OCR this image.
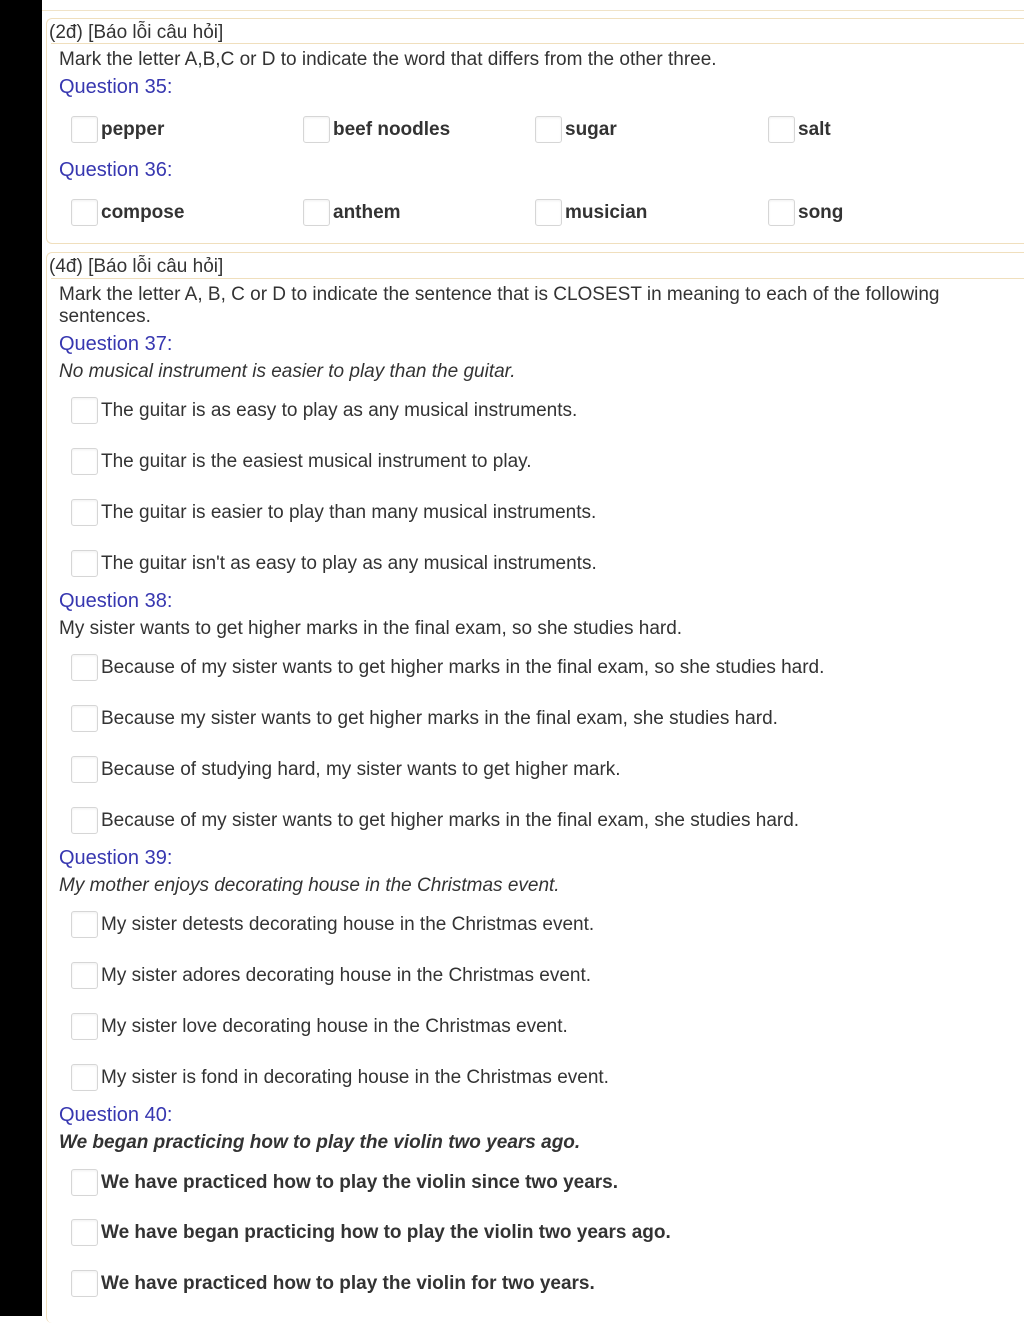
(2đ) [Báo lỗi câu hỏi]
Mark the letter A,B,C or D to indicate the word that differs from the other three.
Question 35:
pepper	beef noodles	sugar	salt
Question 36:
compose	anthem	musician	song
(4đ) [Báo lỗi câu hỏi]
Mark the letter A, B, C or D to indicate the sentence that is CLOSEST in meaning to each of the following
sentences.
Question 37:
No musical instrument is easier to play than the guitar.
The guitar is as easy to play as any musical instruments.
The guitar is the easiest musical instrument to play.
The guitar is easier to play than many musical instruments.
The guitar isn't as easy to play as any musical instruments.
Question 38:
My sister wants to get higher marks in the final exam, so she studies hard.
Because of my sister wants to get higher marks in the final exam, so she studies hard.
Because my sister wants to get higher marks in the final exam, she studies hard.
Because of studying hard, my sister wants to get higher mark.
Because of my sister wants to get higher marks in the final exam, she studies hard.
Question 39:
My mother enjoys decorating house in the Christmas event.
My sister detests decorating house in the Christmas event.
My sister adores decorating house in the Christmas event.
My sister love decorating house in the Christmas event.
My sister is fond in decorating house in the Christmas event.
Question 40:
We began practicing how to play the violin two years ago.
We have practiced how to play the violin since two years.
We have began practicing how to play the violin two years ago.
We have practiced how to play the violin for two years.
